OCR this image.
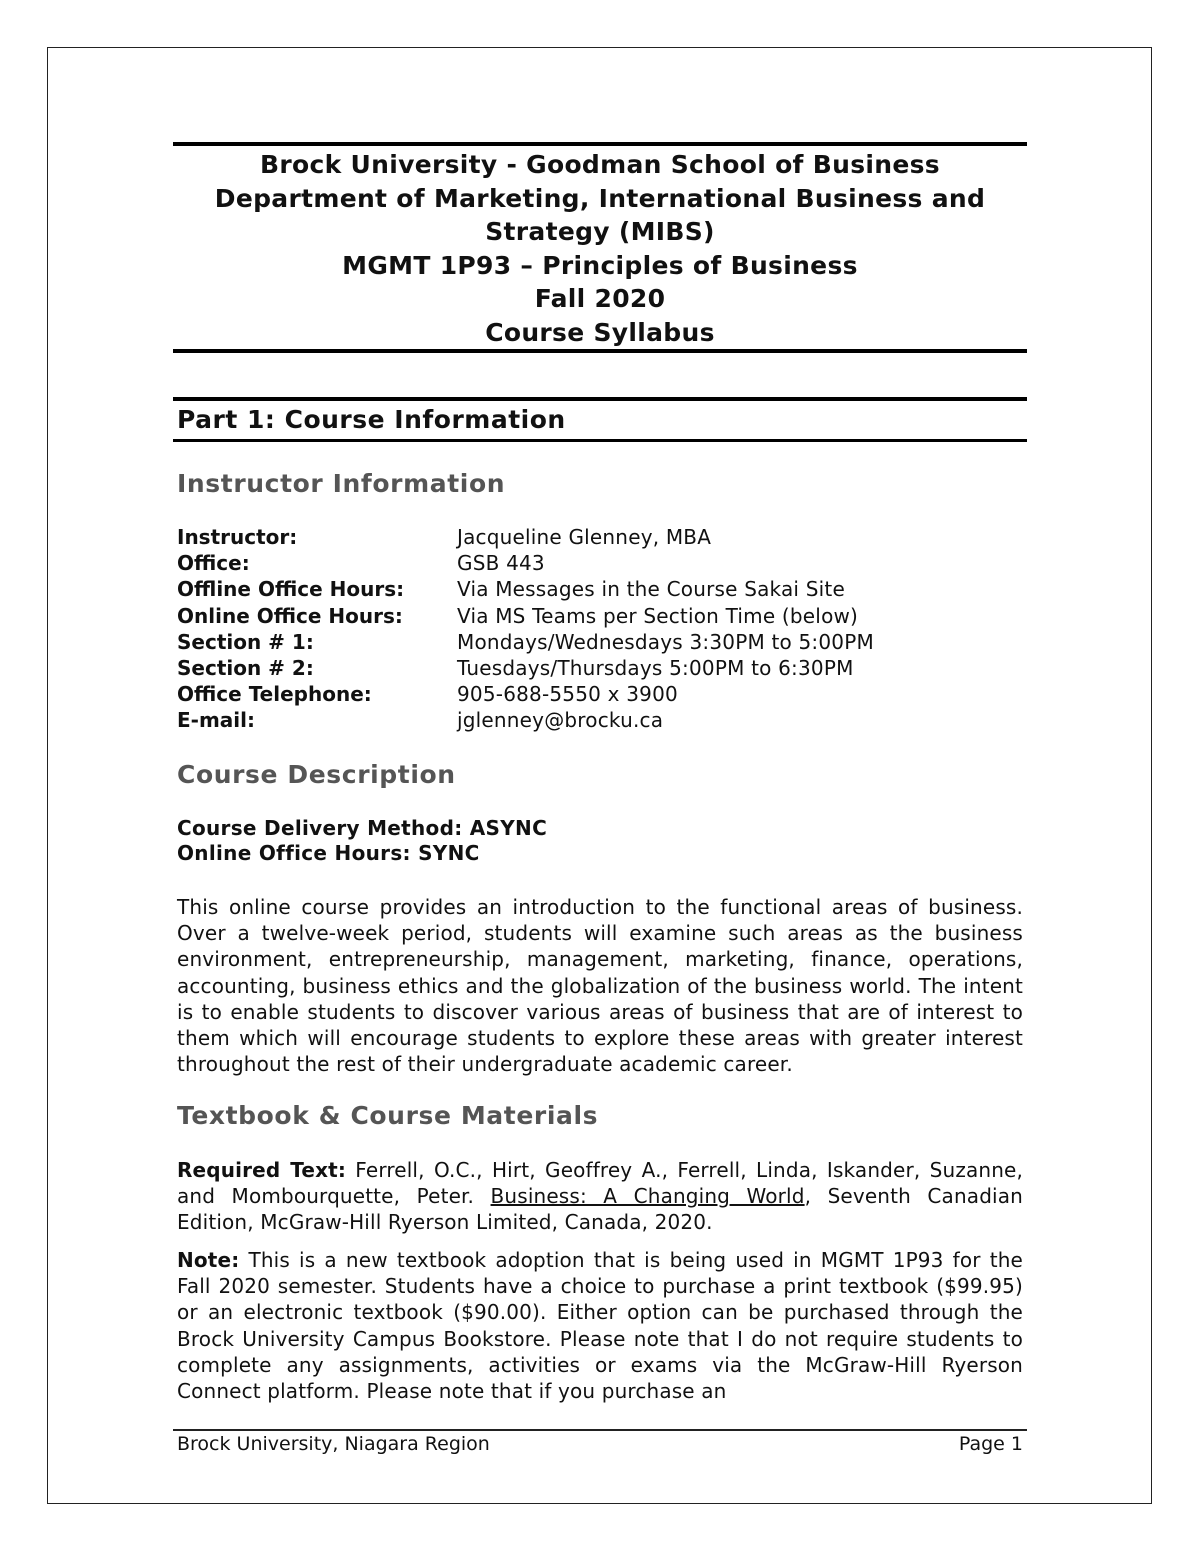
Brock University - Goodman School of Business
Department of Marketing, International Business and
Strategy (MIBS)
MGMT 1P93 – Principles of Business
Fall 2020
Course Syllabus
Part 1: Course Information
Instructor Information
Instructor:	Jacqueline Glenney, MBA
Office:	GSB 443
Offline Office Hours:	Via Messages in the Course Sakai Site
Online Office Hours:	Via MS Teams per Section Time (below)
Section # 1:	Mondays/Wednesdays 3:30PM to 5:00PM
Section # 2:	Tuesdays/Thursdays 5:00PM to 6:30PM
Office Telephone:	905-688-5550 x 3900
E-mail:	jglenney@brocku.ca
Course Description
Course Delivery Method: ASYNC
Online Office Hours: SYNC
This online course provides an introduction to the functional areas of business. Over a twelve-week period, students will examine such areas as the business environment, entrepreneurship, management, marketing, finance, operations, accounting, business ethics and the globalization of the business world. The intent is to enable students to discover various areas of business that are of interest to them which will encourage students to explore these areas with greater interest throughout the rest of their undergraduate academic career.
Textbook & Course Materials
Required Text: Ferrell, O.C., Hirt, Geoffrey A., Ferrell, Linda, Iskander, Suzanne, and Mombourquette, Peter. Business: A Changing World, Seventh Canadian Edition, McGraw-Hill Ryerson Limited, Canada, 2020.
Note: This is a new textbook adoption that is being used in MGMT 1P93 for the Fall 2020 semester. Students have a choice to purchase a print textbook ($99.95) or an electronic textbook ($90.00). Either option can be purchased through the Brock University Campus Bookstore. Please note that I do not require students to complete any assignments, activities or exams via the McGraw-Hill Ryerson Connect platform. Please note that if you purchase an
Brock University, Niagara Region	Page 1
